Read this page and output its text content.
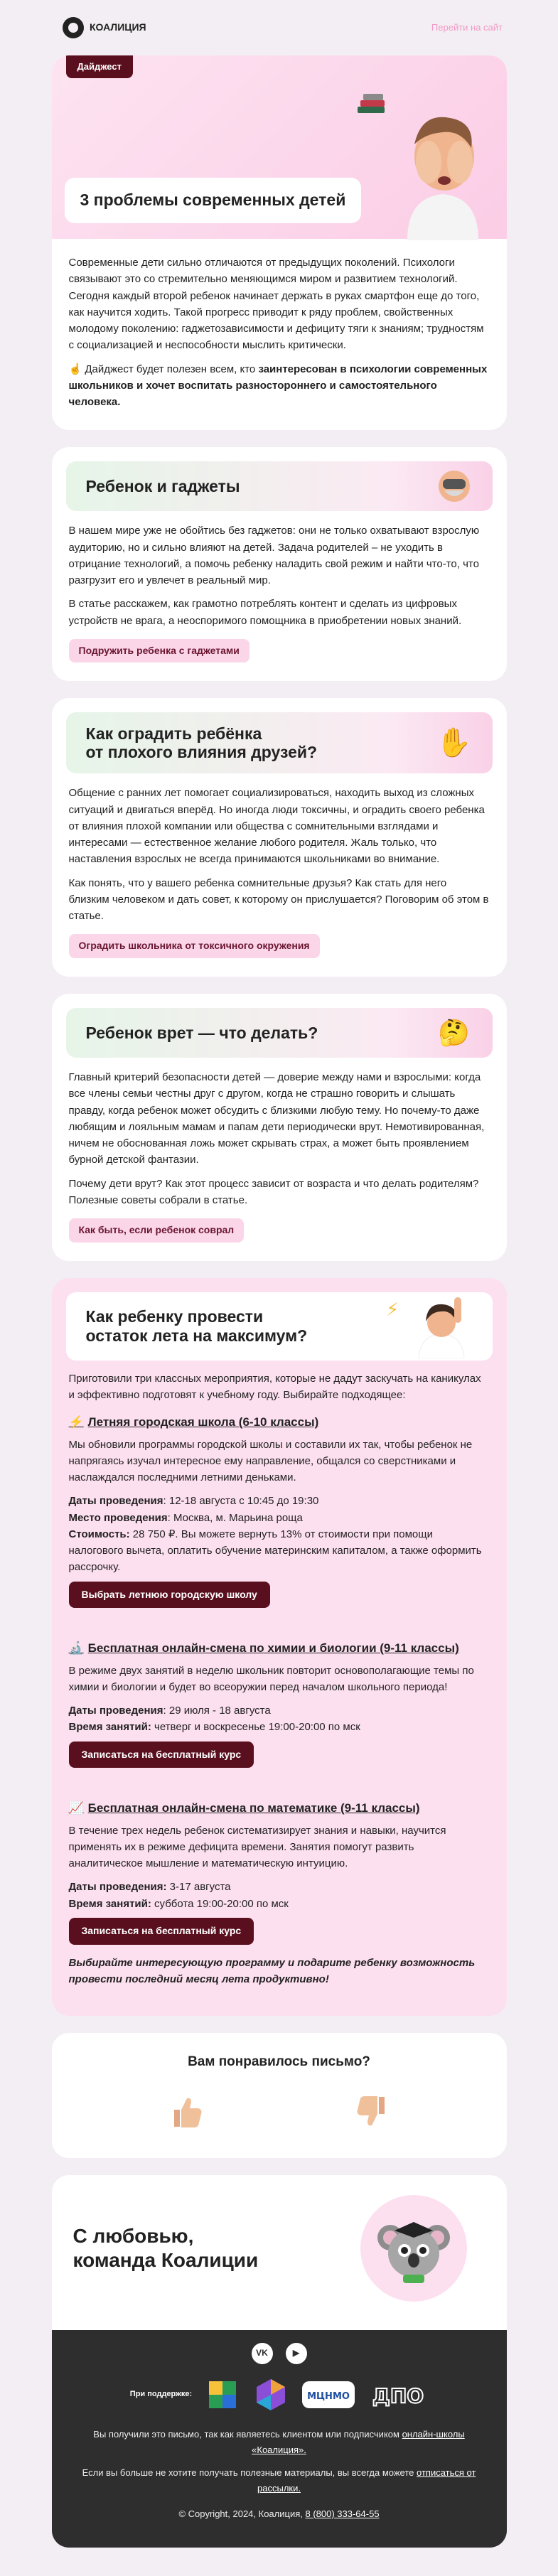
КОАЛИЦИЯ	Перейти на сайт
Дайджест
3 проблемы современных детей

Современные дети сильно отличаются от предыдущих поколений. Психологи связывают это со стремительно меняющимся миром и развитием технологий. Сегодня каждый второй ребенок начинает держать в руках смартфон еще до того, как научится ходить. Такой прогресс приводит к ряду проблем, свойственных молодому поколению: гаджетозависимости и дефициту тяги к знаниям; трудностям с социализацией и неспособности мыслить критически.

☝️ Дайджест будет полезен всем, кто заинтересован в психологии современных школьников и хочет воспитать разностороннего и самостоятельного человека.

Ребенок и гаджеты

В нашем мире уже не обойтись без гаджетов: они не только охватывают взрослую аудиторию, но и сильно влияют на детей. Задача родителей – не уходить в отрицание технологий, а помочь ребенку наладить свой режим и найти что-то, что разгрузит его и увлечет в реальный мир.

В статье расскажем, как грамотно потреблять контент и сделать из цифровых устройств не врага, а неоспоримого помощника в приобретении новых знаний.

Подружить ребенка с гаджетами
Как оградить ребёнка
от плохого влияния друзей?	✋

Общение с ранних лет помогает социализироваться, находить выход из сложных ситуаций и двигаться вперёд. Но иногда люди токсичны, и оградить своего ребенка от влияния плохой компании или общества с сомнительными взглядами и интересами — естественное желание любого родителя. Жаль только, что наставления взрослых не всегда принимаются школьниками во внимание.

Как понять, что у вашего ребенка сомнительные друзья? Как стать для него близким человеком и дать совет, к которому он прислушается? Поговорим об этом в статье.

Оградить школьника от токсичного окружения
Ребенок врет — что делать?	🤔

Главный критерий безопасности детей — доверие между нами и взрослыми: когда все члены семьи честны друг с другом, когда не страшно говорить и слышать правду, когда ребенок может обсудить с близкими любую тему. Но почему-то даже любящим и лояльным мамам и папам дети периодически врут. Немотивированная, ничем не обоснованная ложь может скрывать страх, а может быть проявлением бурной детской фантазии.

Почему дети врут? Как этот процесс зависит от возраста и что делать родителям? Полезные советы собрали в статье.

Как быть, если ребенок соврал
Как ребенку провести
остаток лета на максимум?
⚡

Приготовили три классных мероприятия, которые не дадут заскучать на каникулах и эффективно подготовят к учебному году. Выбирайте подходящее:

⚡ Летняя городская школа (6-10 классы)

Мы обновили программы городской школы и составили их так, чтобы ребенок не напрягаясь изучал интересное ему направление, общался со сверстниками и наслаждался последними летними деньками.

Даты проведения: 12-18 августа с 10:45 до 19:30
Место проведения: Москва, м. Марьина роща
Стоимость: 28 750 ₽. Вы можете вернуть 13% от стоимости при помощи налогового вычета, оплатить обучение материнским капиталом, а также оформить рассрочку.

Выбрать летнюю городскую школу
🔬 Бесплатная онлайн-смена по химии и биологии (9-11 классы)

В режиме двух занятий в неделю школьник повторит основополагающие темы по химии и биологии и будет во всеоружии перед началом школьного периода!

Даты проведения: 29 июля - 18 августа
Время занятий: четверг и воскресенье 19:00-20:00 по мск

Записаться на бесплатный курс
📈 Бесплатная онлайн-смена по математике (9-11 классы)

В течение трех недель ребенок систематизирует знания и навыки, научится применять их в режиме дефицита времени. Занятия помогут развить аналитическое мышление и математическую интуицию.

Даты проведения: 3-17 августа
Время занятий: суббота 19:00-20:00 по мск

Записаться на бесплатный курс

Выбирайте интересующую программу и подарите ребенку возможность провести последний месяц лета продуктивно!

Вам понравилось письмо?
С любовью,
команда Коалиции
VK	▶
При поддержке:	МЦНМО ДПО

Вы получили это письмо, так как являетесь клиентом или подписчиком онлайн-школы «Коалиция».

Если вы больше не хотите получать полезные материалы, вы всегда можете отписаться от рассылки.

© Copyright, 2024, Коалиция, 8 (800) 333-64-55
